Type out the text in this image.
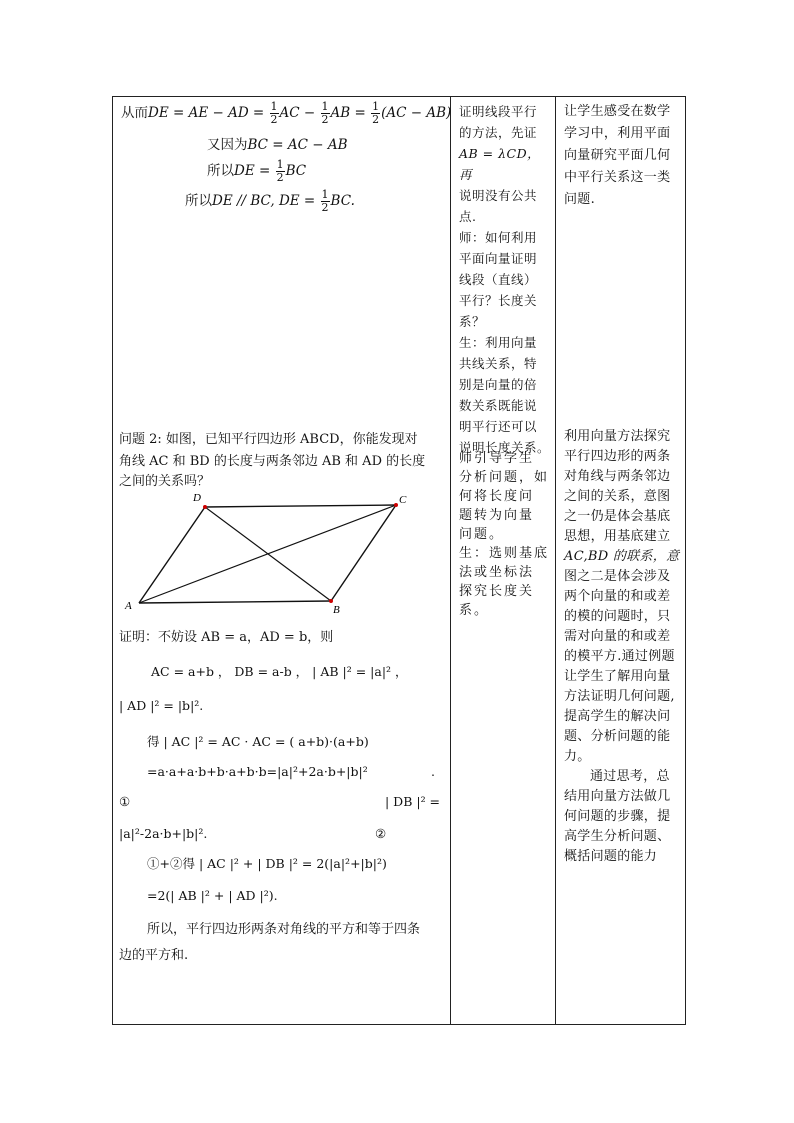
从而DE = AE − AD = $\frac{1}{2}$ AC − $\frac{1}{2}$ AB = $\frac{1}{2} (AC - AB)$
又因为BC = AC − AB
所以DE = $\frac{1}{2}$ BC
所以DE // BC, DE = $\frac{1}{2}$ BC.
问题 2: 如图，已知平行四边形 ABCD，你能发现对
角线 AC 和 BD 的长度与两条邻边 AB 和 AD 的长度
之间的关系吗？
D	C
A	B
证明：不妨设 AB = a，AD = b，则
AC = a+b ， DB = a-b ， | AB |² = |a|² ，
| AD |² = |b|².
得 | AC |² = AC · AC = ( a+b)·(a+b)
=a·a+a·b+b·a+b·b=|a|²+2a·b+|b|²	.
①	| DB |² =
|a|²-2a·b+|b|².	②
①+②得 | AC |² + | DB |² = 2(|a|²+|b|²)
=2(| AB |² + | AD |²).
所以，平行四边形两条对角线的平方和等于四条
边的平方和.
证明线段平行
的方法，先证
AB = λCD，再
说明没有公共
点.
师：如何利用
平面向量证明
线段（直线）
平行？长度关
系？
生：利用向量
共线关系，特
别是向量的倍
数关系既能说
明平行还可以
说明长度关系。
师引导学生
分析问题，如
何将长度问
题转为向量
问题。
生：选则基底
法或坐标法
探究长度关
系。
让学生感受在数学
学习中，利用平面
向量研究平面几何
中平行关系这一类
问题.
利用向量方法探究
平行四边形的两条
对角线与两条邻边
之间的关系，意图
之一仍是体会基底
思想，用基底建立
AC,BD 的联系，意
图之二是体会涉及
两个向量的和或差
的模的问题时，只
需对向量的和或差
的模平方.通过例题
让学生了解用向量
方法证明几何问题,
提高学生的解决问
题、分析问题的能
力。
通过思考，总
结用向量方法做几
何问题的步骤，提
高学生分析问题、
概括问题的能力
